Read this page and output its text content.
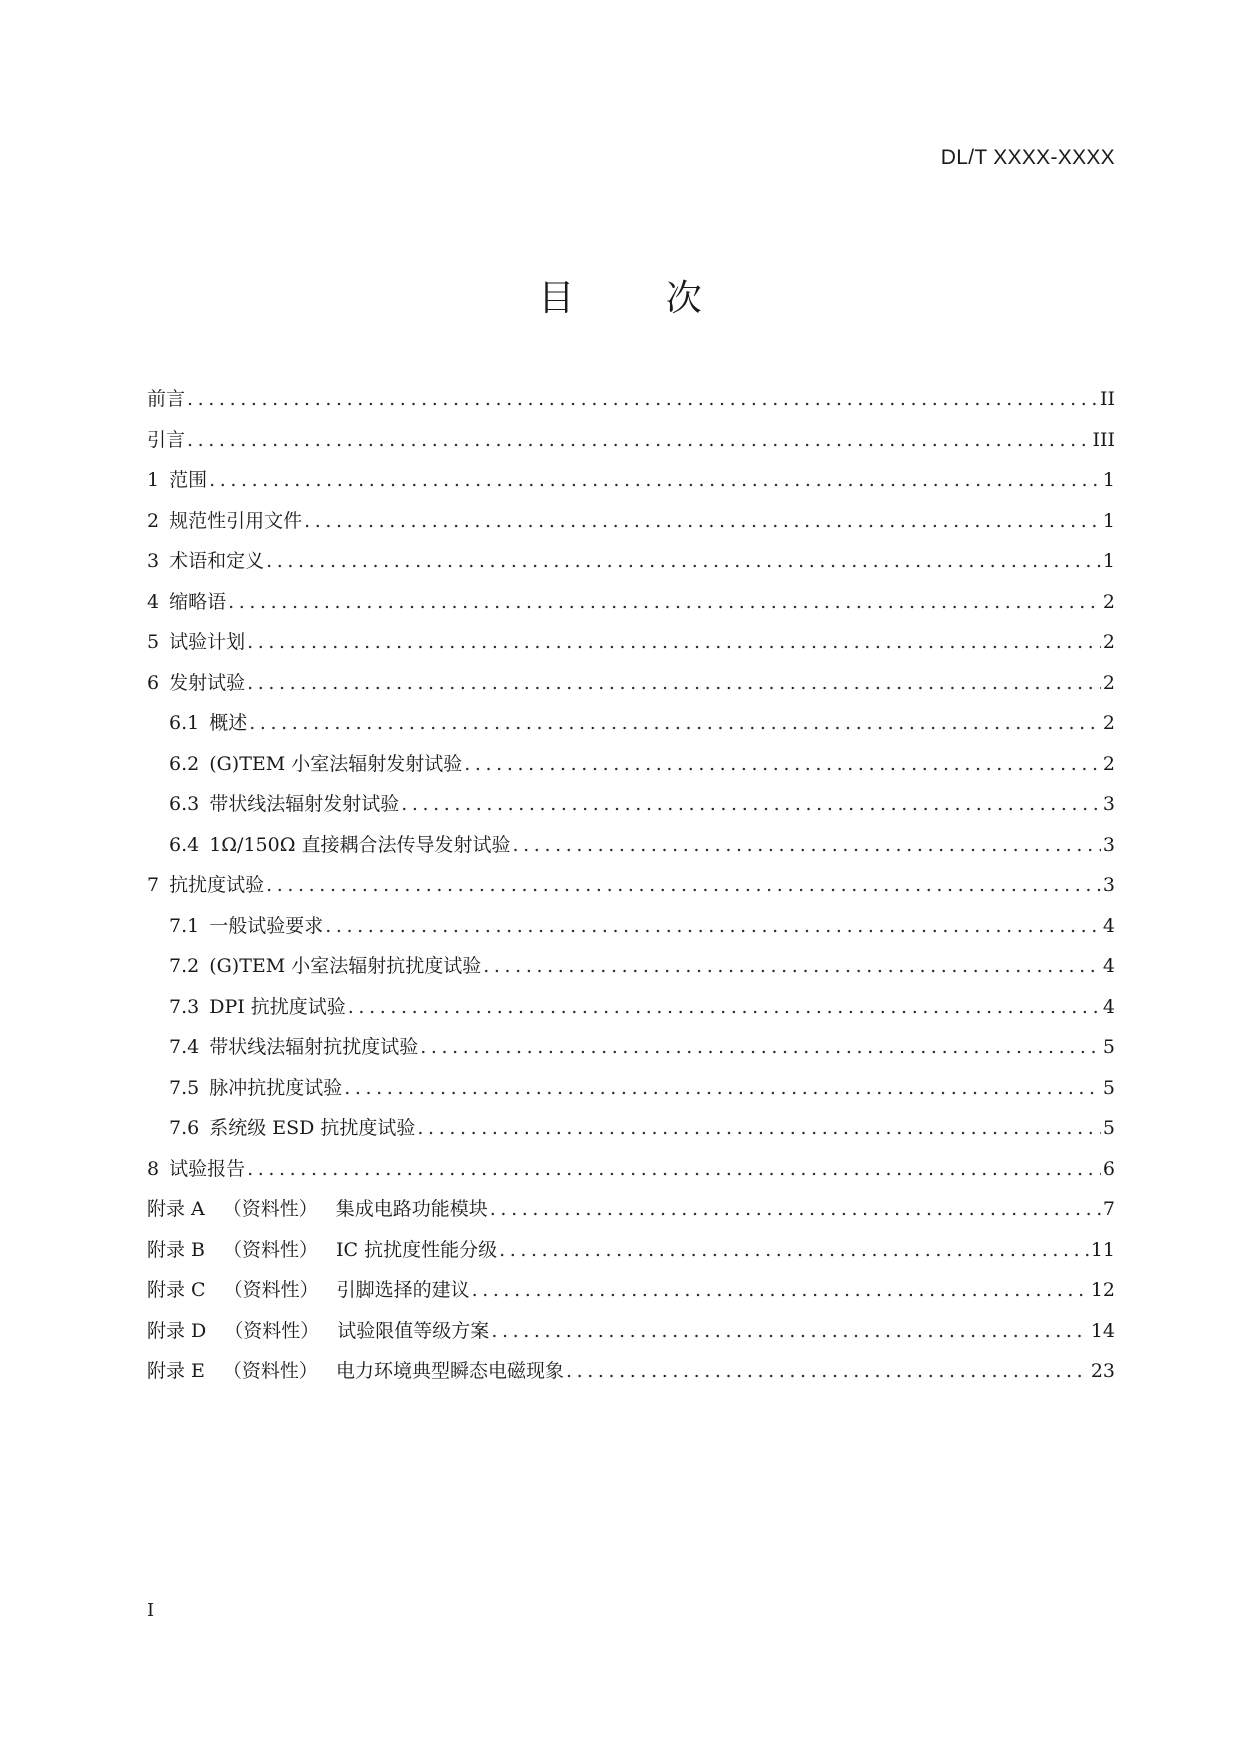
DL/T XXXX-XXXX
目 次
前言 .....	II
引言 .....	III
1 范围 .....	1
2 规范性引用文件 .....	1
3 术语和定义 .....	1
4 缩略语 .....	2
5 试验计划 .....	2
6 发射试验 .....	2
6.1 概述 .....	2
6.2 (G)TEM 小室法辐射发射试验 .....	2
6.3 带状线法辐射发射试验 .....	3
6.4 1Ω/150Ω 直接耦合法传导发射试验 .....	3
7 抗扰度试验 .....	3
7.1 一般试验要求 .....	4
7.2 (G)TEM 小室法辐射抗扰度试验 .....	4
7.3 DPI 抗扰度试验 .....	4
7.4 带状线法辐射抗扰度试验 .....	5
7.5 脉冲抗扰度试验 .....	5
7.6 系统级 ESD 抗扰度试验 .....	5
8 试验报告 .....	6
附录 A （资料性） 集成电路功能模块 .....	7
附录 B （资料性） IC 抗扰度性能分级 .....	11
附录 C （资料性） 引脚选择的建议 .....	12
附录 D （资料性） 试验限值等级方案 .....	14
附录 E （资料性） 电力环境典型瞬态电磁现象 .....	23
I
